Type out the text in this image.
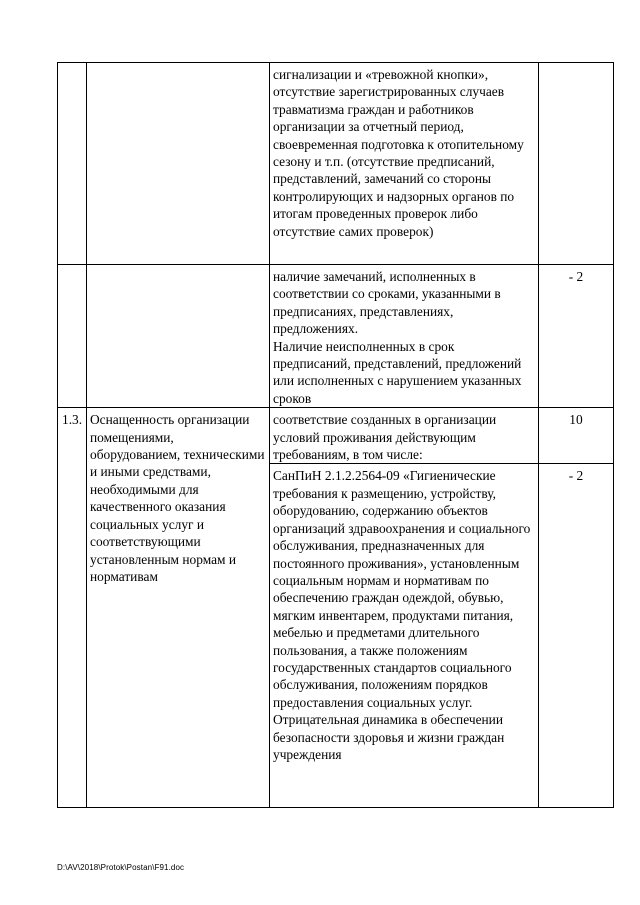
		сигнализации и «тревожной кнопки», отсутствие зарегистрированных случаев травматизма граждан и работников организации за отчетный период, своевременная подготовка к отопительному сезону и т.п. (отсутствие предписаний, представлений, замечаний со стороны контролирующих и надзорных органов по итогам проведенных проверок либо отсутствие самих проверок)	

		наличие замечаний, исполненных в соответствии со сроками, указанными в предписаниях, представлениях, предложениях.
Наличие неисполненных в срок предписаний, представлений, предложений или исполненных с нарушением указанных сроков	- 2

1.3.	Оснащенность организации помещениями, оборудованием, техническими и иными средствами, необходимыми для качественного оказания социальных услуг и соответствующими установленным нормам и нормативам	соответствие созданных в организации условий проживания действующим требованиям, в том числе:	10

		СанПиН 2.1.2.2564-09 «Гигиенические требования к размещению, устройству, оборудованию, содержанию объектов организаций здравоохранения и социального обслуживания, предназначенных для постоянного проживания», установленным социальным нормам и нормативам по обеспечению граждан одеждой, обувью, мягким инвентарем, продуктами питания, мебелью и предметами длительного пользования, а также положениям государственных стандартов социального обслуживания, положениям порядков предоставления социальных услуг.
Отрицательная динамика в обеспечении безопасности здоровья и жизни граждан учреждения	- 2
D:\AV\2018\Protok\Postan\F91.doc
